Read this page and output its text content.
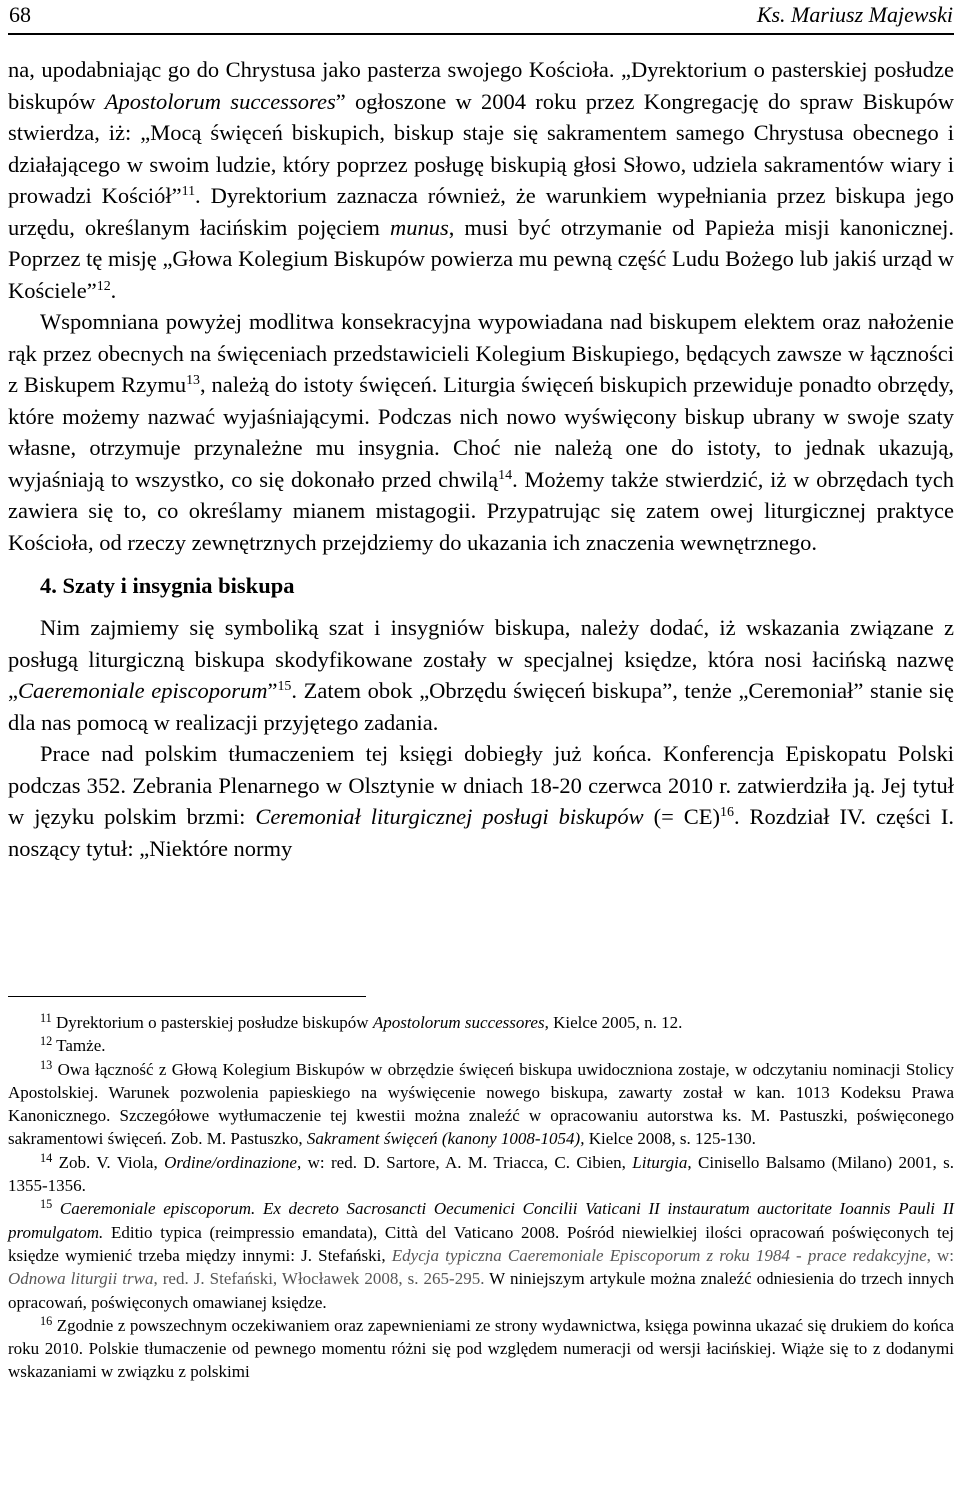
68	Ks. Mariusz Majewski

na, upodabniając go do Chrystusa jako pasterza swojego Kościoła. „Dyrektorium o pasterskiej posłudze biskupów Apostolorum successores” ogłoszone w 2004 roku przez Kongregację do spraw Biskupów stwierdza, iż: „Mocą święceń biskupich, biskup staje się sakramentem samego Chrystusa obecnego i działającego w swoim ludzie, który poprzez posługę biskupią głosi Słowo, udziela sakramentów wiary i prowadzi Kościół”$^{11}$. Dyrektorium zaznacza również, że warunkiem wypełniania przez biskupa jego urzędu, określanym łacińskim pojęciem munus, musi być otrzymanie od Papieża misji kanonicznej. Poprzez tę misję „Głowa Kolegium Biskupów powierza mu pewną część Ludu Bożego lub jakiś urząd w Kościele”$^{12}$.

Wspomniana powyżej modlitwa konsekracyjna wypowiadana nad biskupem elektem oraz nałożenie rąk przez obecnych na święceniach przedstawicieli Kolegium Biskupiego, będących zawsze w łączności z Biskupem Rzymu$^{13}$, należą do istoty święceń. Liturgia święceń biskupich przewiduje ponadto obrzędy, które możemy nazwać wyjaśniającymi. Podczas nich nowo wyświęcony biskup ubrany w swoje szaty własne, otrzymuje przynależne mu insygnia. Choć nie należą one do istoty, to jednak ukazują, wyjaśniają to wszystko, co się dokonało przed chwilą$^{14}$. Możemy także stwierdzić, iż w obrzędach tych zawiera się to, co określamy mianem mistagogii. Przypatrując się zatem owej liturgicznej praktyce Kościoła, od rzeczy zewnętrznych przejdziemy do ukazania ich znaczenia wewnętrznego.

4. Szaty i insygnia biskupa

Nim zajmiemy się symboliką szat i insygniów biskupa, należy dodać, iż wskazania związane z posługą liturgiczną biskupa skodyfikowane zostały w specjalnej księdze, która nosi łacińską nazwę „Caeremoniale episcoporum”$^{15}$. Zatem obok „Obrzędu święceń biskupa”, tenże „Ceremoniał” stanie się dla nas pomocą w realizacji przyjętego zadania.

Prace nad polskim tłumaczeniem tej księgi dobiegły już końca. Konferencja Episkopatu Polski podczas 352. Zebrania Plenarnego w Olsztynie w dniach 18-20 czerwca 2010 r. zatwierdziła ją. Jej tytuł w języku polskim brzmi: Ceremoniał liturgicznej posługi biskupów (= CE)$^{16}$. Rozdział IV. części I. noszący tytuł: „Niektóre normy

$^{11}$ Dyrektorium o pasterskiej posłudze biskupów Apostolorum successores, Kielce 2005, n. 12.

$^{12}$ Tamże.

$^{13}$ Owa łączność z Głową Kolegium Biskupów w obrzędzie święceń biskupa uwidoczniona zostaje, w odczytaniu nominacji Stolicy Apostolskiej. Warunek pozwolenia papieskiego na wyświęcenie nowego biskupa, zawarty został w kan. 1013 Kodeksu Prawa Kanonicznego. Szczegółowe wytłumaczenie tej kwestii można znaleźć w opracowaniu autorstwa ks. M. Pastuszki, poświęconego sakramentowi święceń. Zob. M. Pastuszko, Sakrament święceń (kanony 1008-1054), Kielce 2008, s. 125-130.

$^{14}$ Zob. V. Viola, Ordine/ordinazione, w: red. D. Sartore, A. M. Triacca, C. Cibien, Liturgia, Cinisello Balsamo (Milano) 2001, s. 1355-1356.

$^{15}$ Caeremoniale episcoporum. Ex decreto Sacrosancti Oecumenici Concilii Vaticani II instauratum auctoritate Ioannis Pauli II promulgatom. Editio typica (reimpressio emandata), Città del Vaticano 2008. Pośród niewielkiej ilości opracowań poświęconych tej księdze wymienić trzeba między innymi: J. Stefański, Edycja typiczna Caeremoniale Episcoporum z roku 1984 - prace redakcyjne, w: Odnowa liturgii trwa, red. J. Stefański, Włocławek 2008, s. 265-295. W niniejszym artykule można znaleźć odniesienia do trzech innych opracowań, poświęconych omawianej księdze.

$^{16}$ Zgodnie z powszechnym oczekiwaniem oraz zapewnieniami ze strony wydawnictwa, księga powinna ukazać się drukiem do końca roku 2010. Polskie tłumaczenie od pewnego momentu różni się pod względem numeracji od wersji łacińskiej. Wiąże się to z dodanymi wskazaniami w związku z polskimi
